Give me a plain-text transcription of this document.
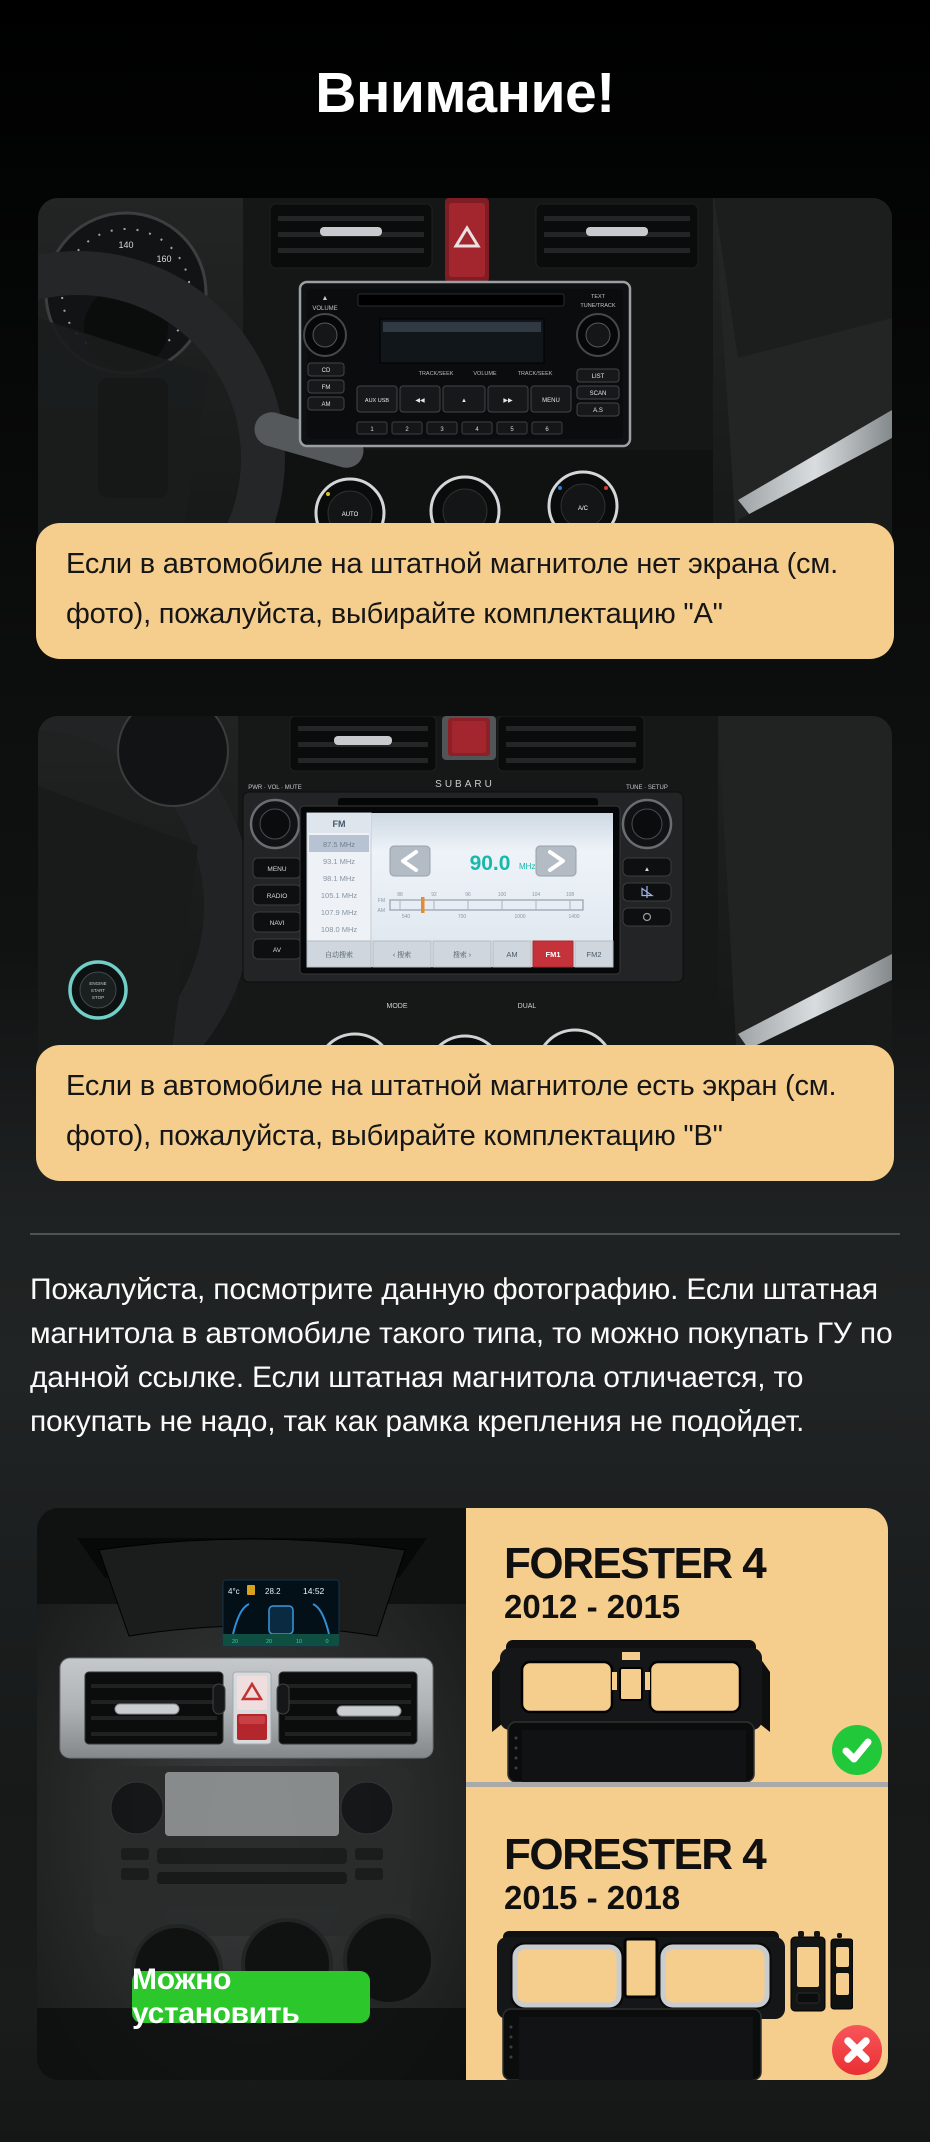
Внимание!
120
140
160
▲
VOLUME
TRACK/SEEK	VOLUME	TRACK/SEEK
CD
FM
AM
AUX USB	◀◀	▲	▶▶	MENU
1	2	3	4	5	6
TEXT
TUNE/TRACK
LIST
SCAN
A.S
AUTO
A/C
Если в автомобиле на штатной магнитоле нет экрана (см. фото), пожалуйста, выбирайте комплектацию "A"
ENGINE
START
STOP
SUBARU
PWR · VOL · MUTE	TUNE · SETUP
MENU
RADIO
NAVI
AV
▲
FM
87.5 MHz
93.1 MHz
98.1 MHz
105.1 MHz
107.9 MHz
108.0 MHz
90.0 MHz
FM
AM
88	92	96	100	104	108
540	700	1000	1400
自动搜索	‹ 搜索	搜索 ›	AM	FM1	FM2
MODE	DUAL
Если в автомобиле на штатной магнитоле есть экран (см. фото), пожалуйста, выбирайте комплектацию "B"

Пожалуйста, посмотрите данную фотографию. Если штатная магнитола в автомобиле такого типа, то можно покупать ГУ по данной ссылке. Если штатная магнитола отличается, то покупать не надо, так как рамка крепления не подойдет.

4°c	28.2	14:52
20	20	10	0
Можно установить
FORESTER 4
2012 - 2015
FORESTER 4
2015 - 2018
